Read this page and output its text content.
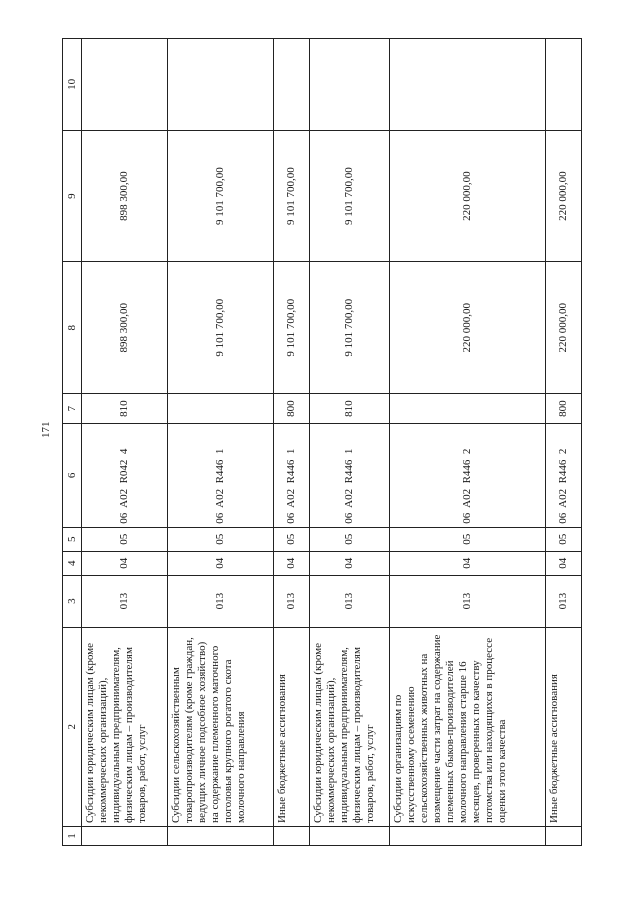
171
1
2
3
4
5
6
7
8
9
10
Субсидии юридическим лицам (кроме некоммерческих организаций), индивидуальным предпринимателям, физическим лицам – производителям товаров, работ, услуг
013
04
05
06  A02  R042  4
810
898 300,00
898 300,00
Субсидии сельскохозяйственным товаропроизводителям (кроме граждан, ведущих личное подсобное хозяйство) на содержание племенного маточного поголовья крупного рогатого скота молочного направления
013
04
05
06  A02  R446  1
9 101 700,00
9 101 700,00
Иные бюджетные ассигнования
013
04
05
06  A02  R446  1
800
9 101 700,00
9 101 700,00
Субсидии юридическим лицам (кроме некоммерческих организаций), индивидуальным предпринимателям, физическим лицам – производителям товаров, работ, услуг
013
04
05
06  A02  R446  1
810
9 101 700,00
9 101 700,00
Субсидии организациям по искусственному осеменению сельскохозяйственных животных на возмещение части затрат на содержание племенных быков-производителей молочного направления старше 16 месяцев, проверенных по качеству потомства или находящихся в процессе оценки этого качества
013
04
05
06  A02  R446  2
220 000,00
220 000,00
Иные бюджетные ассигнования
013
04
05
06  A02  R446  2
800
220 000,00
220 000,00
